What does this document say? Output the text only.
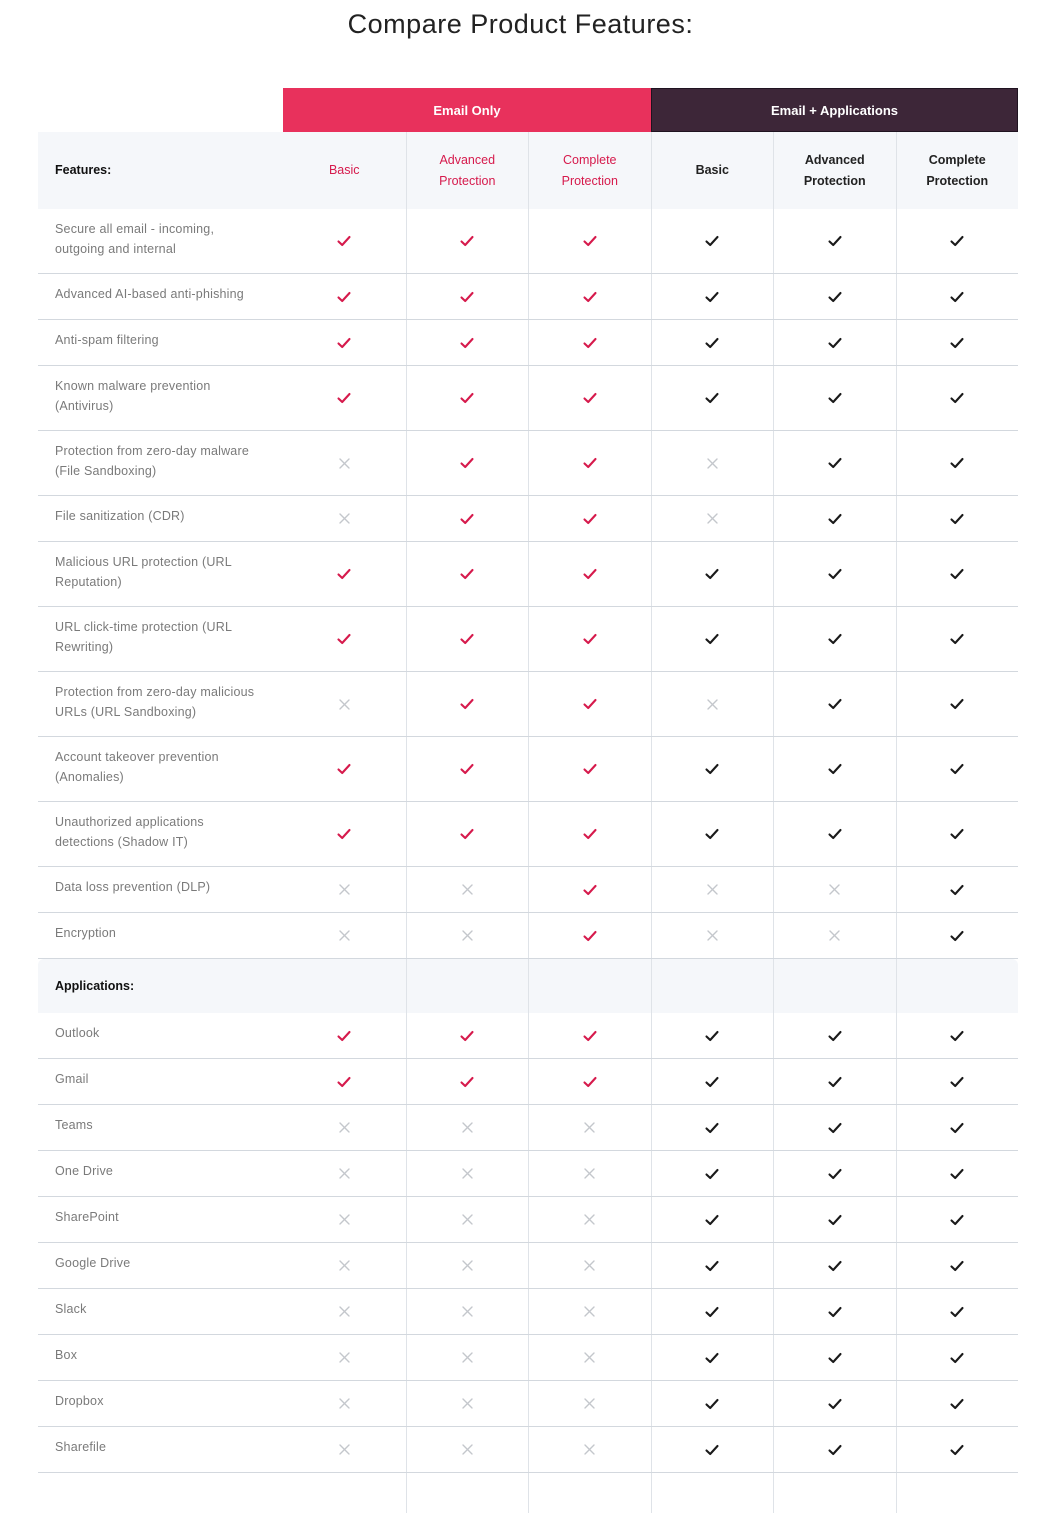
Compare Product Features:
Email Only	Email + Applications
Features:	Basic
Advanced
Protection
Complete
Protection
Basic
Advanced
Protection
Complete
Protection
Secure all email - incoming,
outgoing and internal
Advanced AI-based anti-phishing
Anti-spam filtering
Known malware prevention
(Antivirus)
Protection from zero-day malware
(File Sandboxing)
File sanitization (CDR)
Malicious URL protection (URL
Reputation)
URL click-time protection (URL
Rewriting)
Protection from zero-day malicious
URLs (URL Sandboxing)
Account takeover prevention
(Anomalies)
Unauthorized applications
detections (Shadow IT)
Data loss prevention (DLP)
Encryption
Applications:
Outlook
Gmail
Teams
One Drive
SharePoint
Google Drive
Slack
Box
Dropbox
Sharefile
